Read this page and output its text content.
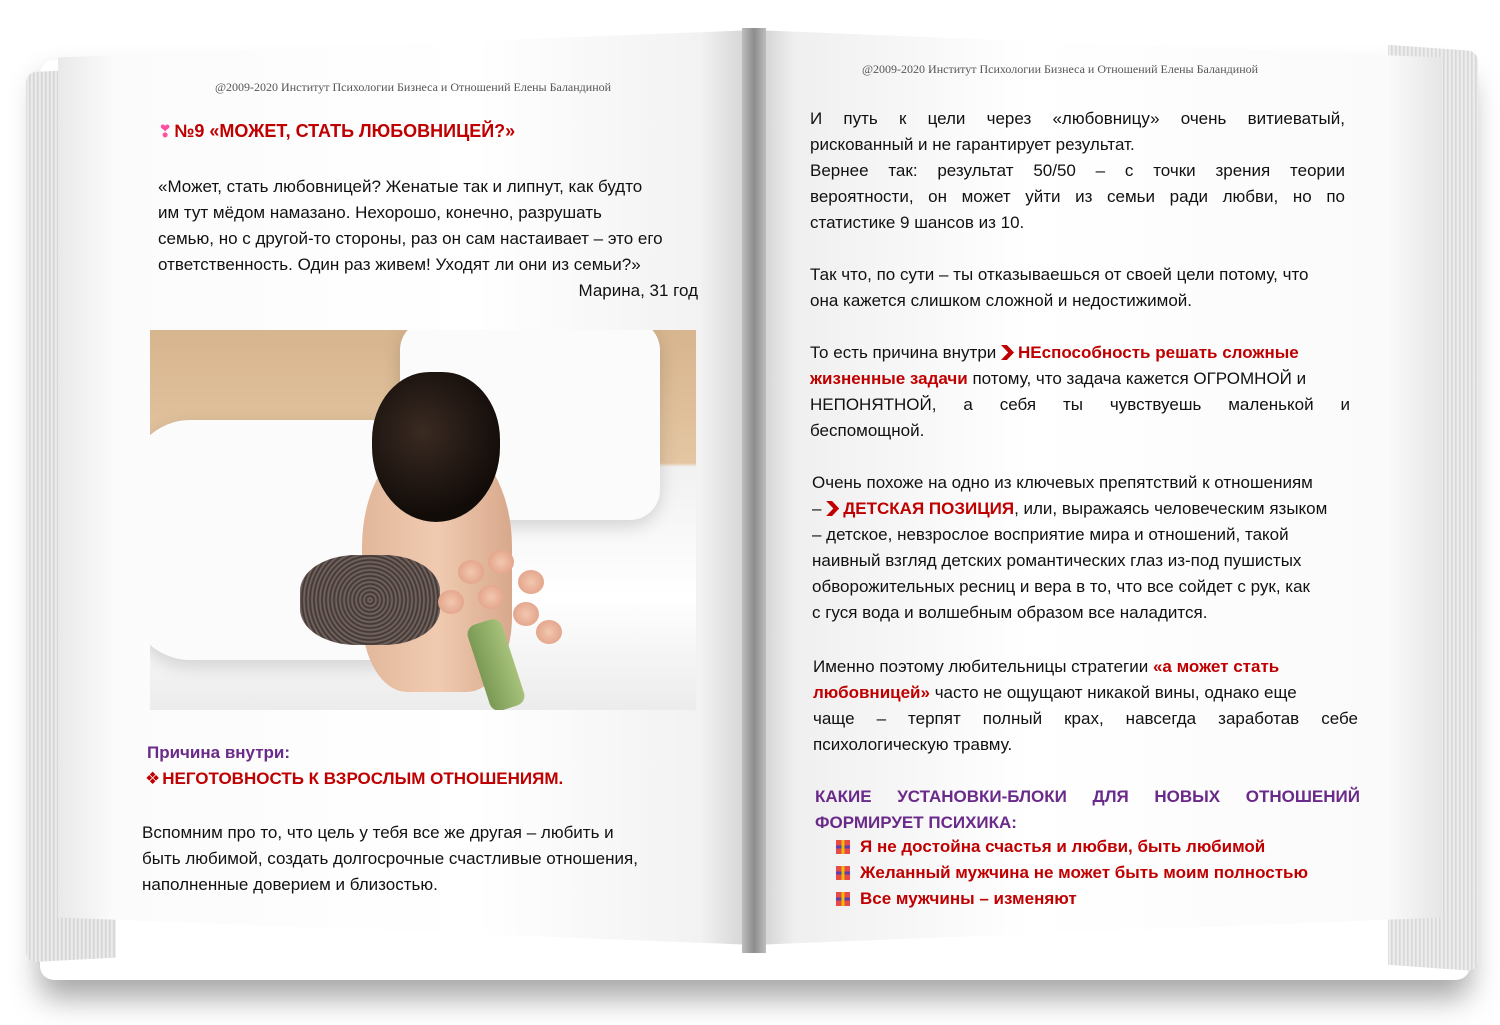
@2009-2020 Институт Психологии Бизнеса и Отношений Елены Баландиной
❣ №9 «МОЖЕТ, СТАТЬ ЛЮБОВНИЦЕЙ?»
«Может, стать любовницей? Женатые так и липнут, как будто
им тут мёдом намазано. Нехорошо, конечно, разрушать
семью, но с другой-то стороны, раз он сам настаивает – это его
ответственность. Один раз живем! Уходят ли они из семьи?»
Марина, 31 год
Причина внутри:
❖ НЕГОТОВНОСТЬ К ВЗРОСЛЫМ ОТНОШЕНИЯМ.
Вспомним про то, что цель у тебя все же другая – любить и
быть любимой, создать долгосрочные счастливые отношения,
наполненные доверием и близостью.
@2009-2020 Институт Психологии Бизнеса и Отношений Елены Баландиной
И путь к цели через «любовницу» очень витиеватый,
рискованный и не гарантирует результат.
Вернее так: результат 50/50 – с точки зрения теории
вероятности, он может уйти из семьи ради любви, но по
статистике 9 шансов из 10.
Так что, по сути – ты отказываешься от своей цели потому, что
она кажется слишком сложной и недостижимой.
То есть причина внутри НЕспособность решать сложные
жизненные задачи потому, что задача кажется ОГРОМНОЙ и
НЕПОНЯТНОЙ, а себя ты чувствуешь маленькой и
беспомощной.
Очень похоже на одно из ключевых препятствий к отношениям
– ДЕТСКАЯ ПОЗИЦИЯ, или, выражаясь человеческим языком
– детское, невзрослое восприятие мира и отношений, такой
наивный взгляд детских романтических глаз из-под пушистых
обворожительных ресниц и вера в то, что все сойдет с рук, как
с гуся вода и волшебным образом все наладится.
Именно поэтому любительницы стратегии «а может стать
любовницей» часто не ощущают никакой вины, однако еще
чаще – терпят полный крах, навсегда заработав себе
психологическую травму.
КАКИЕ УСТАНОВКИ-БЛОКИ ДЛЯ НОВЫХ ОТНОШЕНИЙ
ФОРМИРУЕТ ПСИХИКА:
Я не достойна счастья и любви, быть любимой
Желанный мужчина не может быть моим полностью
Все мужчины – изменяют
